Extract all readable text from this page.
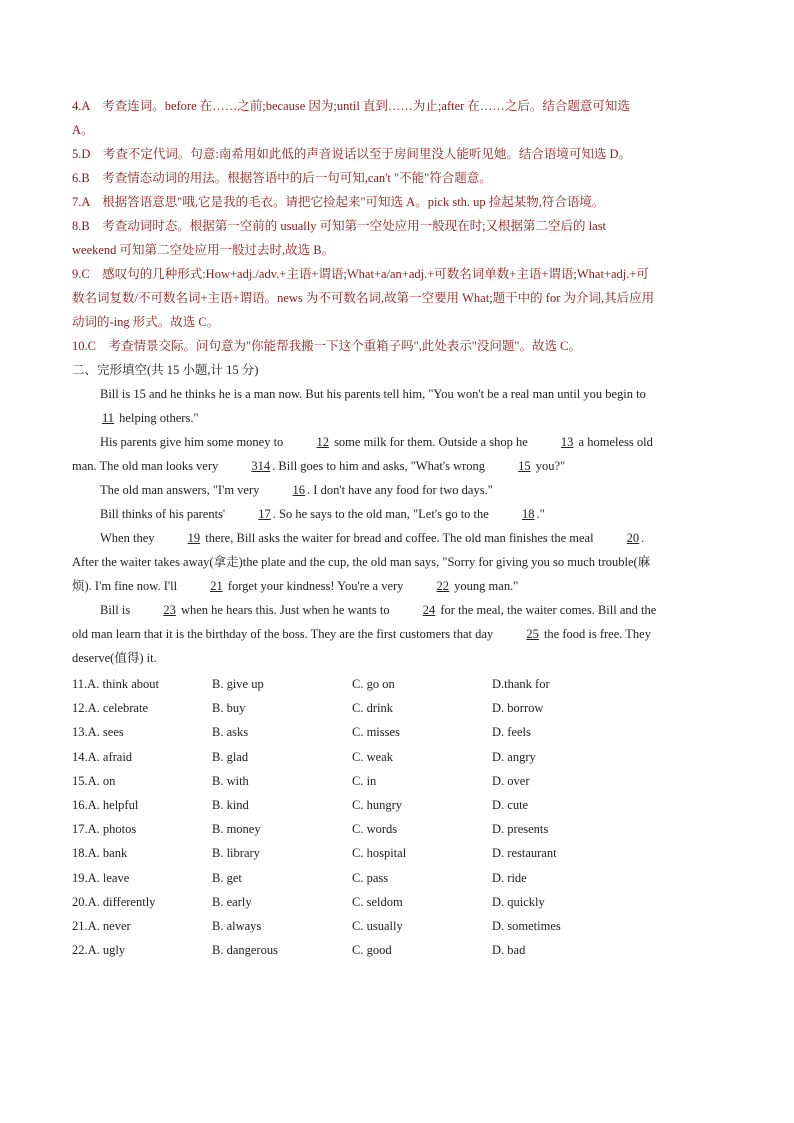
4.A　考查连词。before 在……之前;because 因为;until 直到……为止;after 在……之后。结合题意可知选
A。

5.D　考查不定代词。句意:南希用如此低的声音说话以至于房间里没人能听见她。结合语境可知选 D。

6.B　考查情态动词的用法。根据答语中的后一句可知,can't "不能"符合题意。

7.A　根据答语意思"哦,它是我的毛衣。请把它捡起来"可知选 A。pick sth. up 捡起某物,符合语境。

8.B　考查动词时态。根据第一空前的 usually 可知第一空处应用一般现在时;又根据第二空后的 last
weekend 可知第二空处应用一般过去时,故选 B。

9.C　感叹句的几种形式:How+adj./adv.+主语+谓语;What+a/an+adj.+可数名词单数+主语+谓语;What+adj.+可
数名词复数/不可数名词+主语+谓语。news 为不可数名词,故第一空要用 What;题干中的 for 为介词,其后应用
动词的-ing 形式。故选 C。

10.C　考查情景交际。问句意为"你能帮我搬一下这个重箱子吗",此处表示"没问题"。故选 C。

二、完形填空(共 15 小题,计 15 分)

Bill is 15 and he thinks he is a man now. But his parents tell him, "You won't be a real man until you begin to
11 helping others."

His parents give him some money to	12 some milk for them. Outside a shop he	13 a homeless old
man. The old man looks very	314 . Bill goes to him and asks, "What's wrong	15 you?"

The old man answers, "I'm very	16 . I don't have any food for two days."

Bill thinks of his parents'	17 . So he says to the old man, "Let's go to the	18 ."

When they	19 there, Bill asks the waiter for bread and coffee. The old man finishes the meal	20 .
After the waiter takes away(拿走)the plate and the cup, the old man says, "Sorry for giving you so much trouble(麻
烦). I'm fine now. I'll	21 forget your kindness! You're a very	22 young man."

Bill is	23 when he hears this. Just when he wants to	24 for the meal, the waiter comes. Bill and the
old man learn that it is the birthday of the boss. They are the first customers that day	25 the food is free. They
deserve(值得) it.

11.A. think about	B. give up	C. go on	D.thank for
12.A. celebrate	B. buy	C. drink	D. borrow
13.A. sees	B. asks	C. misses	D. feels
14.A. afraid	B. glad	C. weak	D. angry
15.A. on	B. with	C. in	D. over
16.A. helpful	B. kind	C. hungry	D. cute
17.A. photos	B. money	C. words	D. presents
18.A. bank	B. library	C. hospital	D. restaurant
19.A. leave	B. get	C. pass	D. ride
20.A. differently	B. early	C. seldom	D. quickly
21.A. never	B. always	C. usually	D. sometimes
22.A. ugly	B. dangerous	C. good	D. bad
